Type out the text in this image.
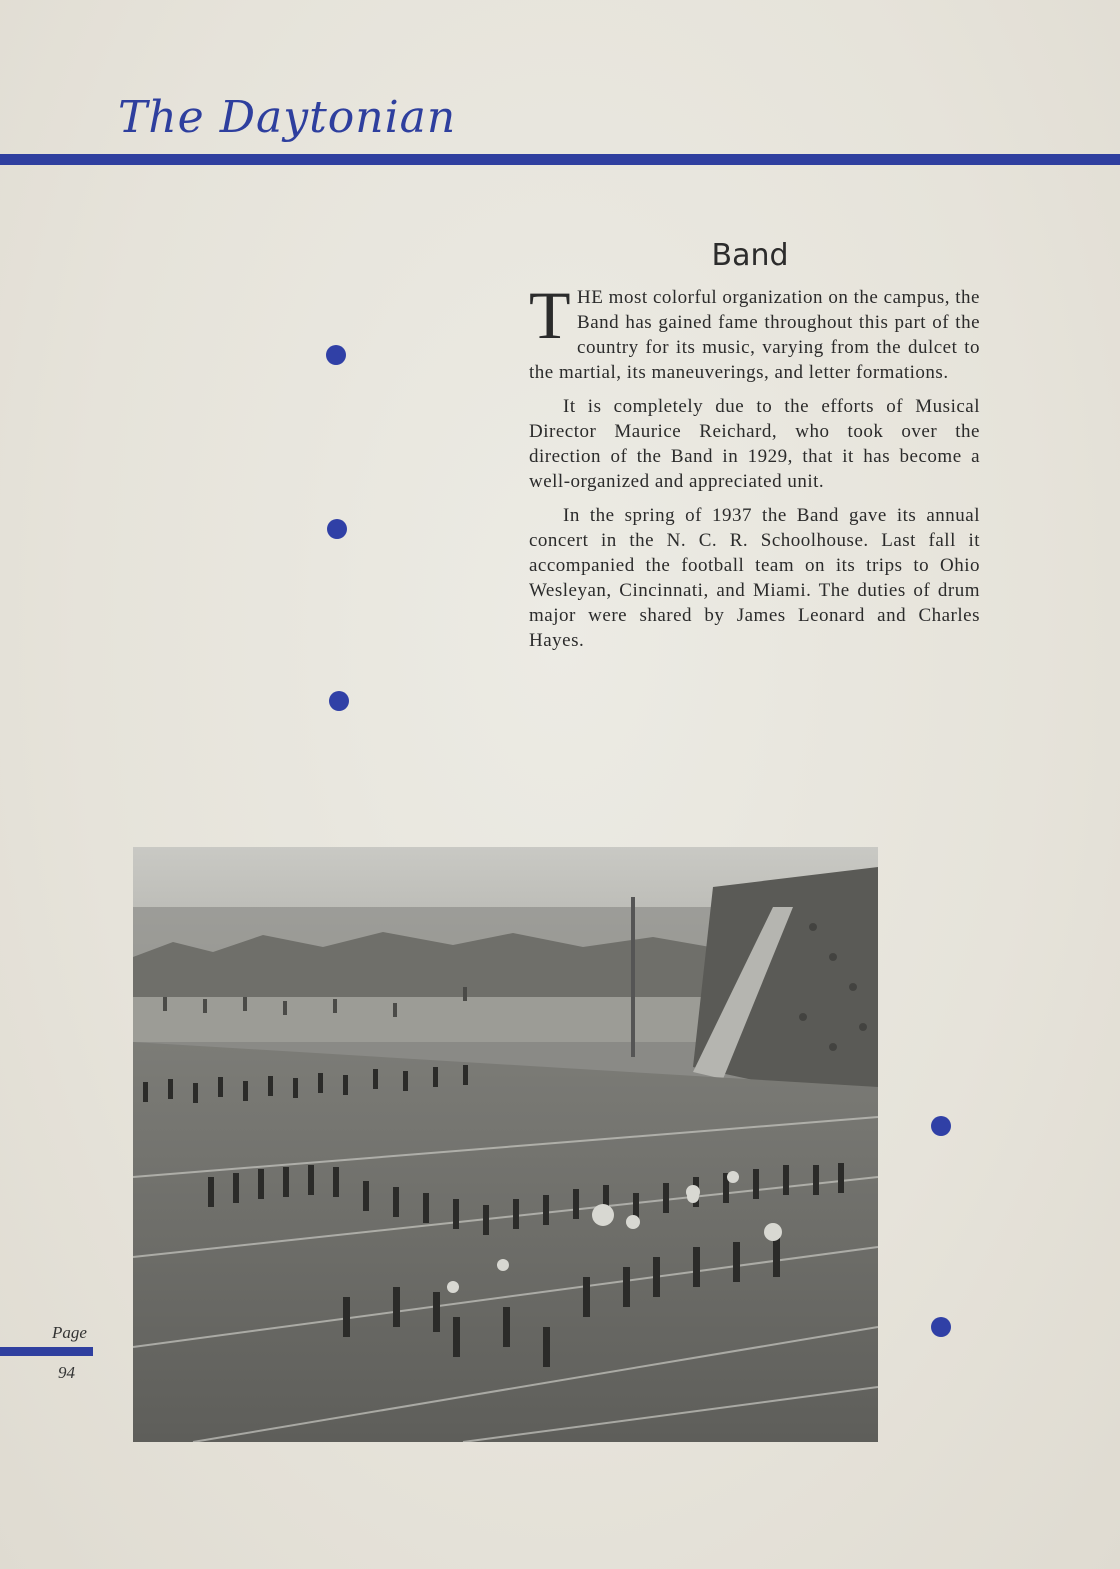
The Daytonian
Band

THE most colorful organization on the campus, the Band has gained fame throughout this part of the country for its music, varying from the dulcet to the martial, its maneuverings, and letter formations.

It is completely due to the efforts of Musical Director Maurice Reichard, who took over the direction of the Band in 1929, that it has become a well-organized and appreciated unit.

In the spring of 1937 the Band gave its annual concert in the N. C. R. Schoolhouse. Last fall it accompanied the football team on its trips to Ohio Wesleyan, Cincinnati, and Miami. The duties of drum major were shared by James Leonard and Charles Hayes.

Page
94
